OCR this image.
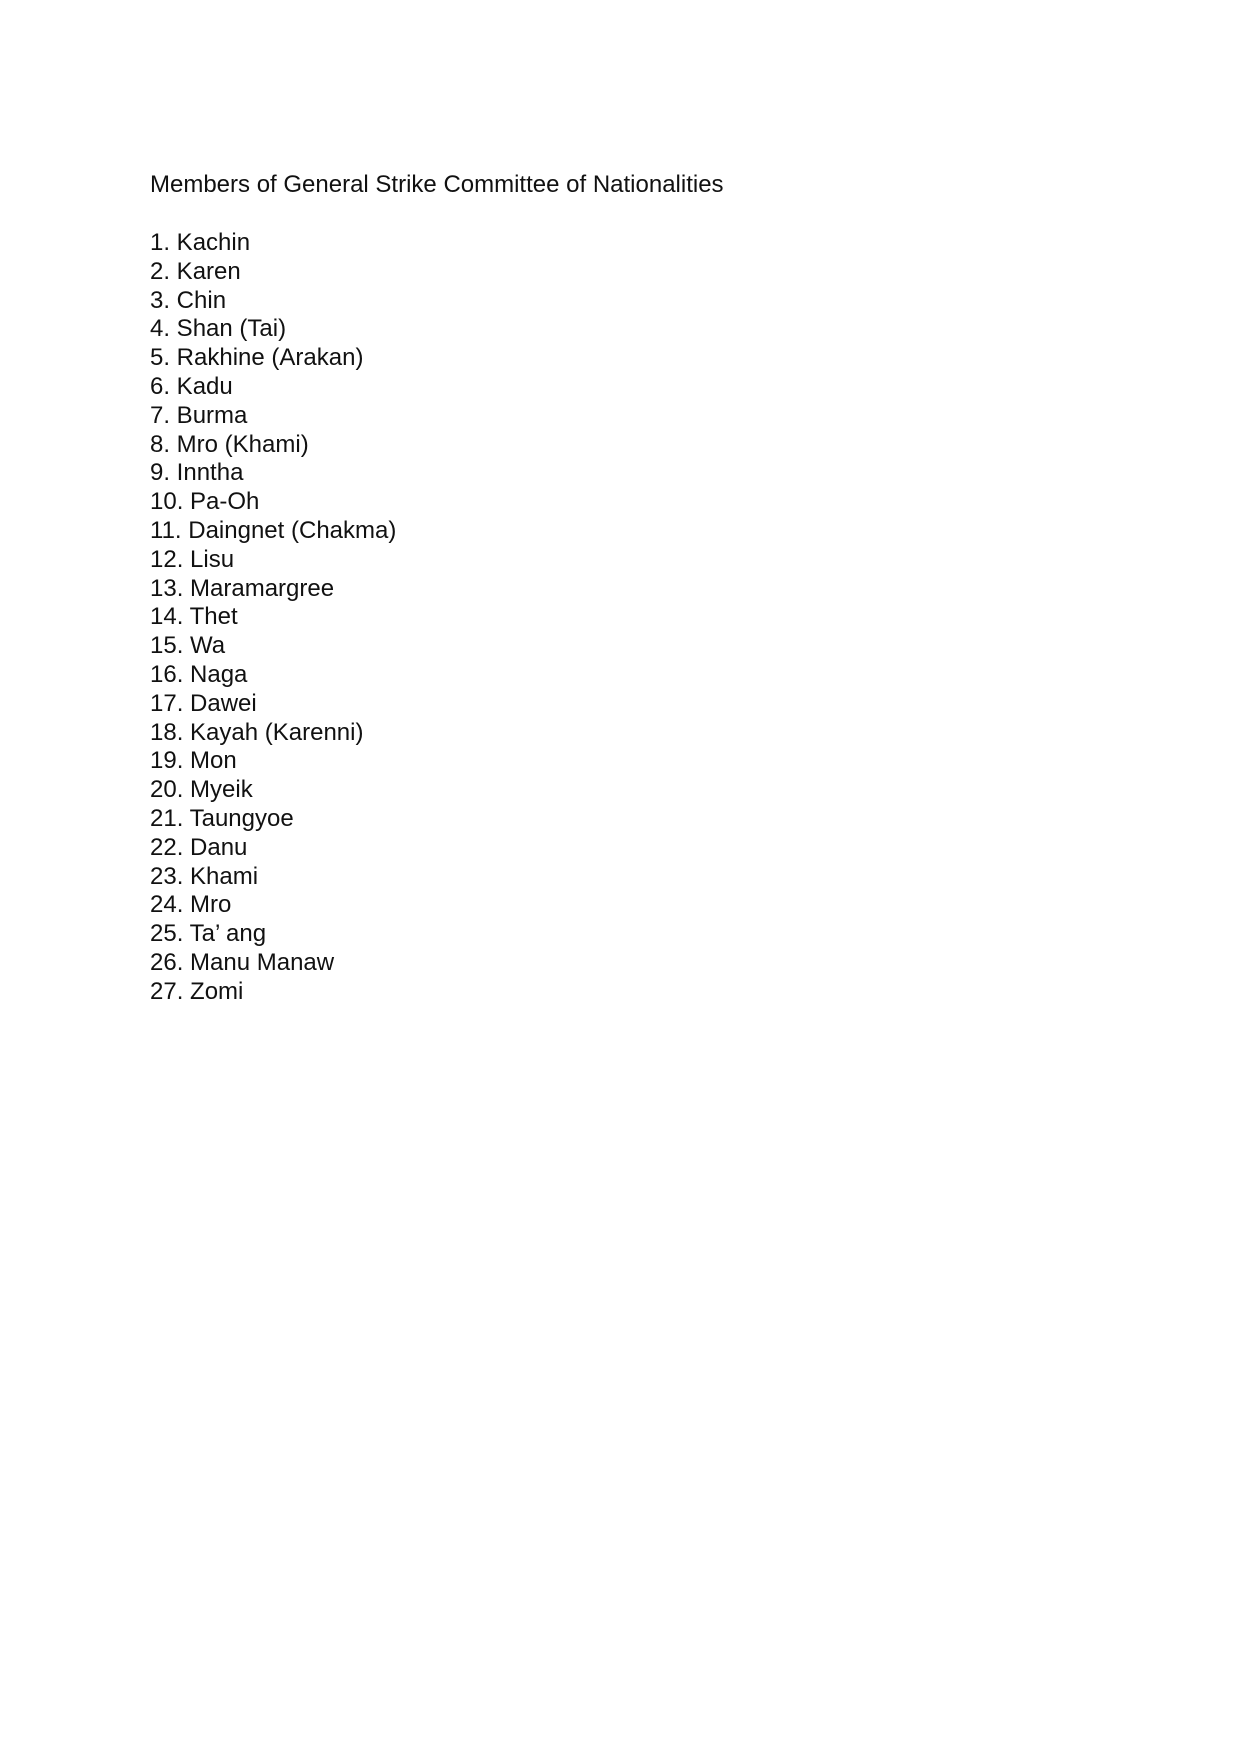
Members of General Strike Committee of Nationalities
1. Kachin
2. Karen
3. Chin
4. Shan (Tai)
5. Rakhine (Arakan)
6. Kadu
7. Burma
8. Mro (Khami)
9. Inntha
10. Pa-Oh
11. Daingnet (Chakma)
12. Lisu
13. Maramargree
14. Thet
15. Wa
16. Naga
17. Dawei
18. Kayah (Karenni)
19. Mon
20. Myeik
21. Taungyoe
22. Danu
23. Khami
24. Mro
25. Ta’ ang
26. Manu Manaw
27. Zomi
